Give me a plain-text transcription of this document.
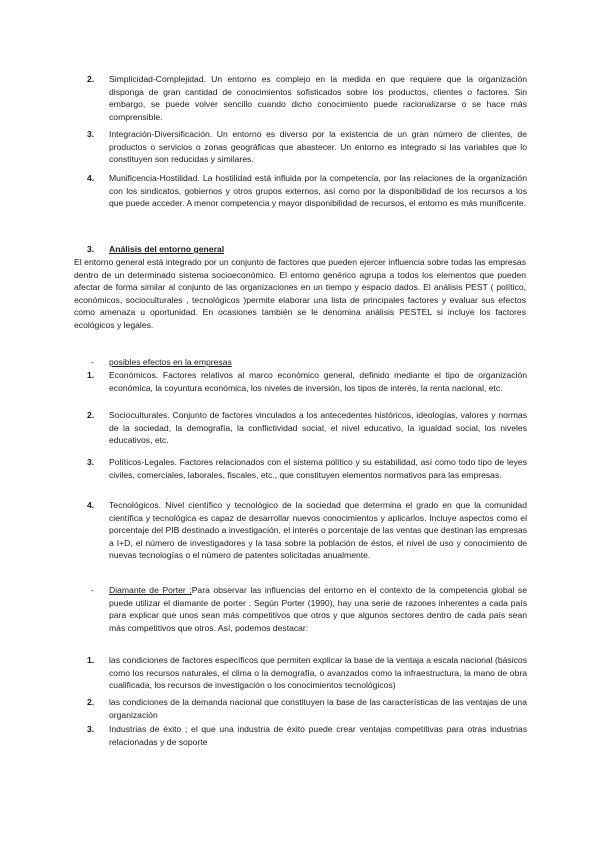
2. Simplicidad-Complejidad. Un entorno es complejo en la medida en que requiere que la organización disponga de gran cantidad de conocimientos sofisticados sobre los productos, clientes o factores. Sin embargo, se puede volver sencillo cuando dicho conocimiento puede racionalizarse o se hace más comprensible.
3. Integración-Diversificación. Un entorno es diverso por la existencia de un gran número de clientes, de productos o servicios o zonas geográficas que abastecer. Un entorno es integrado si las variables que lo constituyen son reducidas y similares.
4. Munificencia-Hostilidad. La hostilidad está influida por la competencia, por las relaciones de la organización con los sindicatos, gobiernos y otros grupos externos, así como por la disponibilidad de los recursos a los que puede acceder. A menor competencia y mayor disponibilidad de recursos, el entorno es más munificente.
3. Análisis del entorno general
El entorno general está integrado por un conjunto de factores que pueden ejercer influencia sobre todas las empresas dentro de un determinado sistema socioeconómico. El entorno genérico agrupa a todos los elementos que pueden afectar de forma similar al conjunto de las organizaciones en un tiempo y espacio dados. El análisis PEST ( político, económicos, socioculturales , tecnológicos )permite elaborar una lista de principales factores y evaluar sus efectos como amenaza u oportunidad. En ocasiones también se le denomina análisis PESTEL si incluye los factores ecológicos y legales.
- posibles efectos en la empresas
1. Económicos. Factores relativos al marco económico general, definido mediante el tipo de organización económica, la coyuntura económica, los niveles de inversión, los tipos de interés, la renta nacional, etc.
2. Socioculturales. Conjunto de factores vinculados a los antecedentes históricos, ideologías, valores y normas de la sociedad, la demografía, la conflictividad social, el nivel educativo, la igualdad social, los niveles educativos, etc.
3. Políticos-Legales. Factores relacionados con el sistema político y su estabilidad, así como todo tipo de leyes civiles, comerciales, laborales, fiscales, etc., que constituyen elementos normativos para las empresas.
4. Tecnológicos. Nivel científico y tecnológico de la sociedad que determina el grado en que la comunidad científica y tecnológica es capaz de desarrollar nuevos conocimientos y aplicarlos. Incluye aspectos como el porcentaje del PIB destinado a investigación, el interés o porcentaje de las ventas que destinan las empresas a I+D, el número de investigadores y la tasa sobre la población de éstos, el nivel de uso y conocimiento de nuevas tecnologías o el número de patentes solicitadas anualmente.
- Diamante de Porter ;Para observar las influencias del entorno en el contexto de la competencia global se puede utilizar el diamante de porter . Según Porter (1990), hay una serie de razones inherentes a cada país para explicar que unos sean más competitivos que otros y que algunos sectores dentro de cada país sean más competitivos que otros. Así, podemos destacar:
1. las condiciones de factores específicos que permiten explicar la base de la ventaja a escala nacional (básicos como los recursos naturales, el clima o la demografía, o avanzados como la infraestructura, la mano de obra cualificada, los recursos de investigación o los conocimientos tecnológicos)
2. las condiciones de la demanda nacional que constituyen la base de las características de las ventajas de una organización
3. Industrias de éxito ; el que una industria de éxito puede crear ventajas competitivas para otras industrias relacionadas y de soporte
